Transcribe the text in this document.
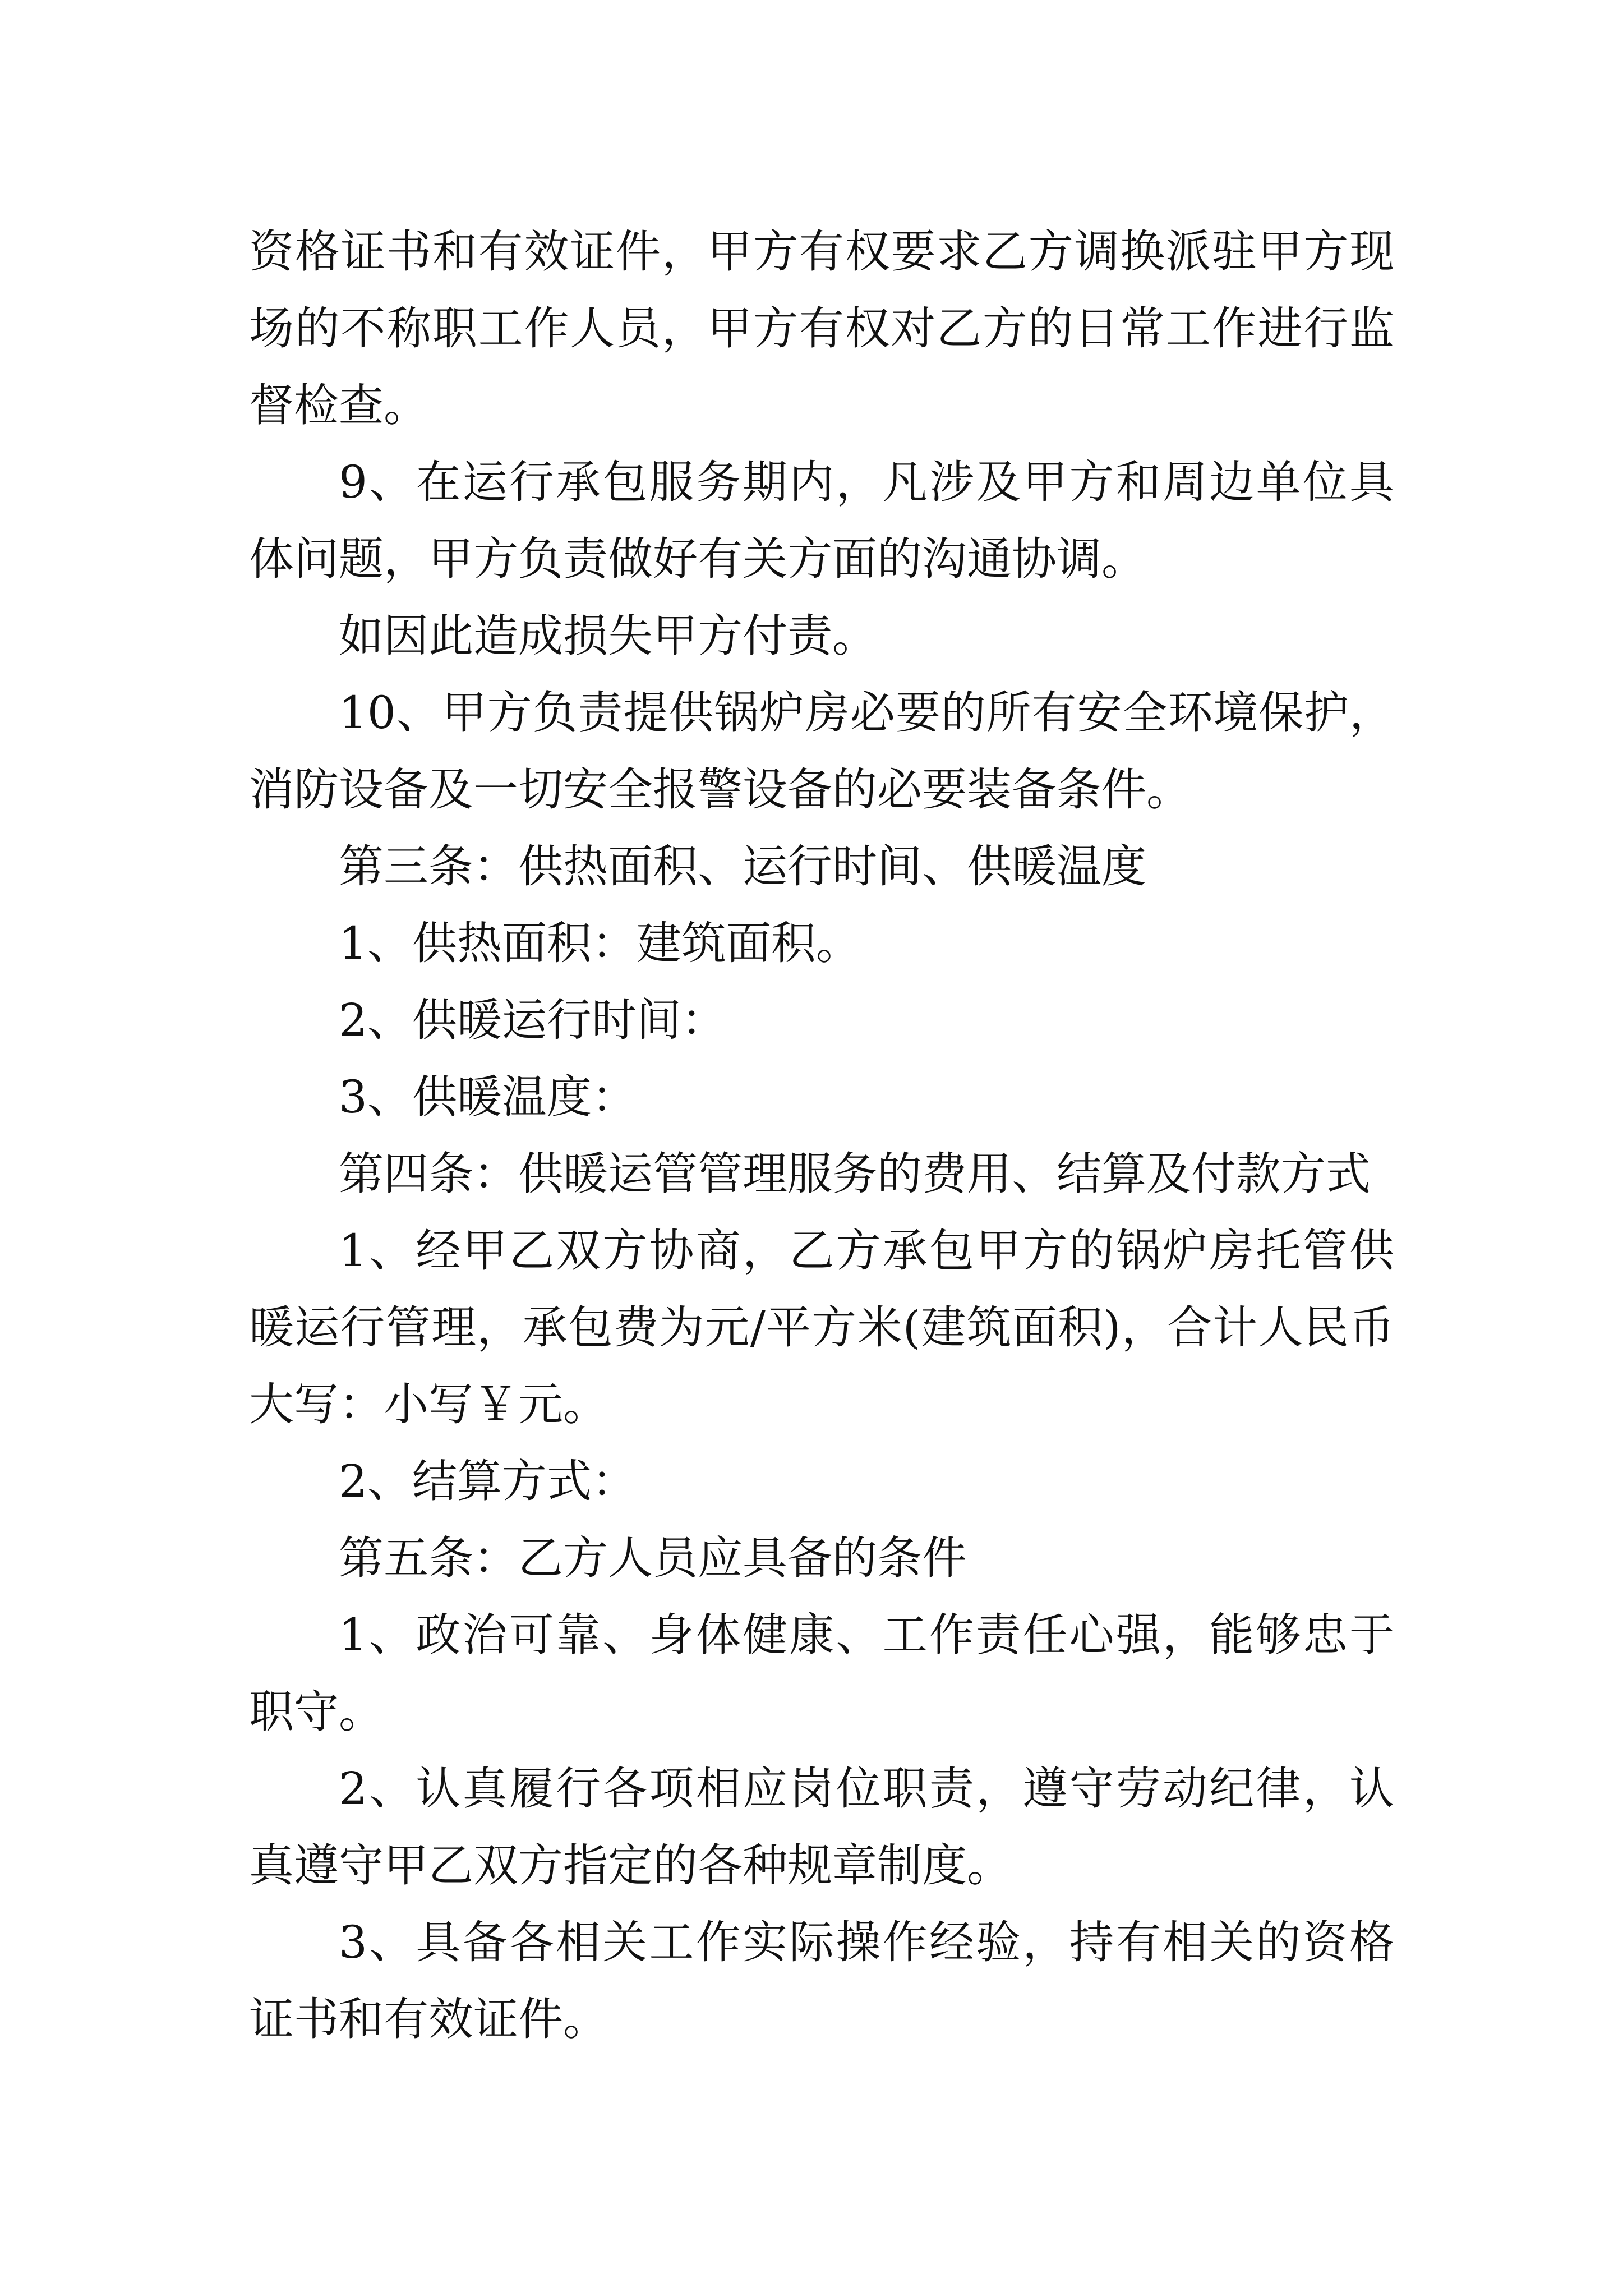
资格证书和有效证件，甲方有权要求乙方调换派驻甲方现场的不称职工作人员，甲方有权对乙方的日常工作进行监督检查。

9、在运行承包服务期内，凡涉及甲方和周边单位具体问题，甲方负责做好有关方面的沟通协调。

如因此造成损失甲方付责。

10、甲方负责提供锅炉房必要的所有安全环境保护，消防设备及一切安全报警设备的必要装备条件。

第三条：供热面积、运行时间、供暖温度

1、供热面积：建筑面积。

2、供暖运行时间：

3、供暖温度：

第四条：供暖运管管理服务的费用、结算及付款方式

1、经甲乙双方协商，乙方承包甲方的锅炉房托管供暖运行管理，承包费为元/平方米(建筑面积)，合计人民币大写：小写￥元。

2、结算方式：

第五条：乙方人员应具备的条件

1、政治可靠、身体健康、工作责任心强，能够忠于职守。

2、认真履行各项相应岗位职责，遵守劳动纪律，认真遵守甲乙双方指定的各种规章制度。

3、具备各相关工作实际操作经验，持有相关的资格证书和有效证件。
